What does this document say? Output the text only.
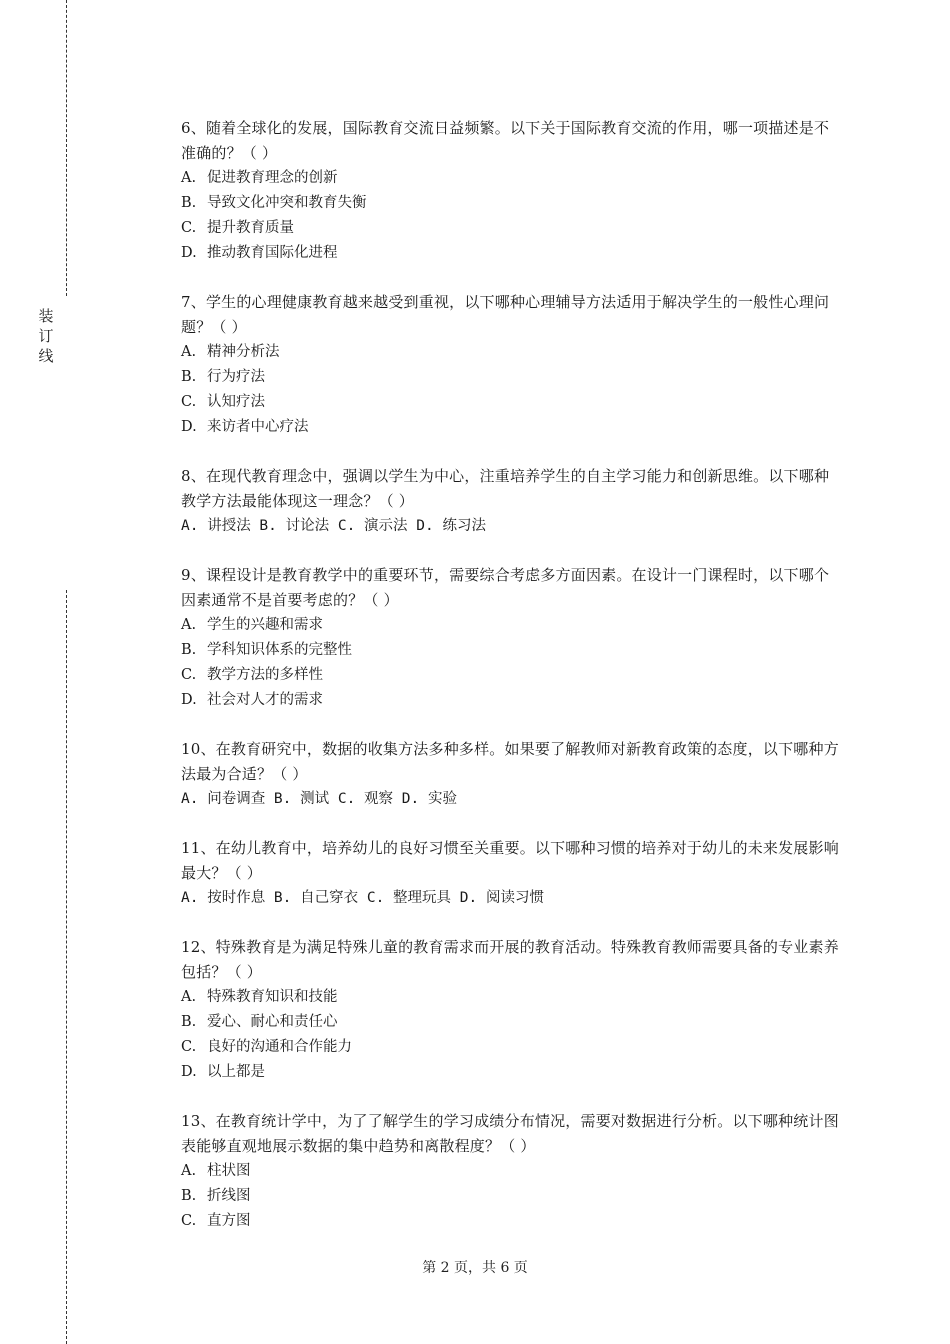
装
订
线

6、随着全球化的发展，国际教育交流日益频繁。以下关于国际教育交流的作用，哪一项描述是不准确的？（ ）

A. 促进教育理念的创新

B. 导致文化冲突和教育失衡

C. 提升教育质量

D. 推动教育国际化进程

7、学生的心理健康教育越来越受到重视，以下哪种心理辅导方法适用于解决学生的一般性心理问题？（ ）

A. 精神分析法

B. 行为疗法

C. 认知疗法

D. 来访者中心疗法

8、在现代教育理念中，强调以学生为中心，注重培养学生的自主学习能力和创新思维。以下哪种教学方法最能体现这一理念？（ ）

A. 讲授法 B. 讨论法 C. 演示法 D. 练习法

9、课程设计是教育教学中的重要环节，需要综合考虑多方面因素。在设计一门课程时，以下哪个因素通常不是首要考虑的？（ ）

A. 学生的兴趣和需求

B. 学科知识体系的完整性

C. 教学方法的多样性

D. 社会对人才的需求

10、在教育研究中，数据的收集方法多种多样。如果要了解教师对新教育政策的态度，以下哪种方法最为合适？（ ）

A. 问卷调查 B. 测试 C. 观察 D. 实验

11、在幼儿教育中，培养幼儿的良好习惯至关重要。以下哪种习惯的培养对于幼儿的未来发展影响最大？（ ）

A. 按时作息 B. 自己穿衣 C. 整理玩具 D. 阅读习惯

12、特殊教育是为满足特殊儿童的教育需求而开展的教育活动。特殊教育教师需要具备的专业素养包括？（ ）

A. 特殊教育知识和技能

B. 爱心、耐心和责任心

C. 良好的沟通和合作能力

D. 以上都是

13、在教育统计学中，为了了解学生的学习成绩分布情况，需要对数据进行分析。以下哪种统计图表能够直观地展示数据的集中趋势和离散程度？（ ）

A. 柱状图

B. 折线图

C. 直方图

第 2 页，共 6 页
